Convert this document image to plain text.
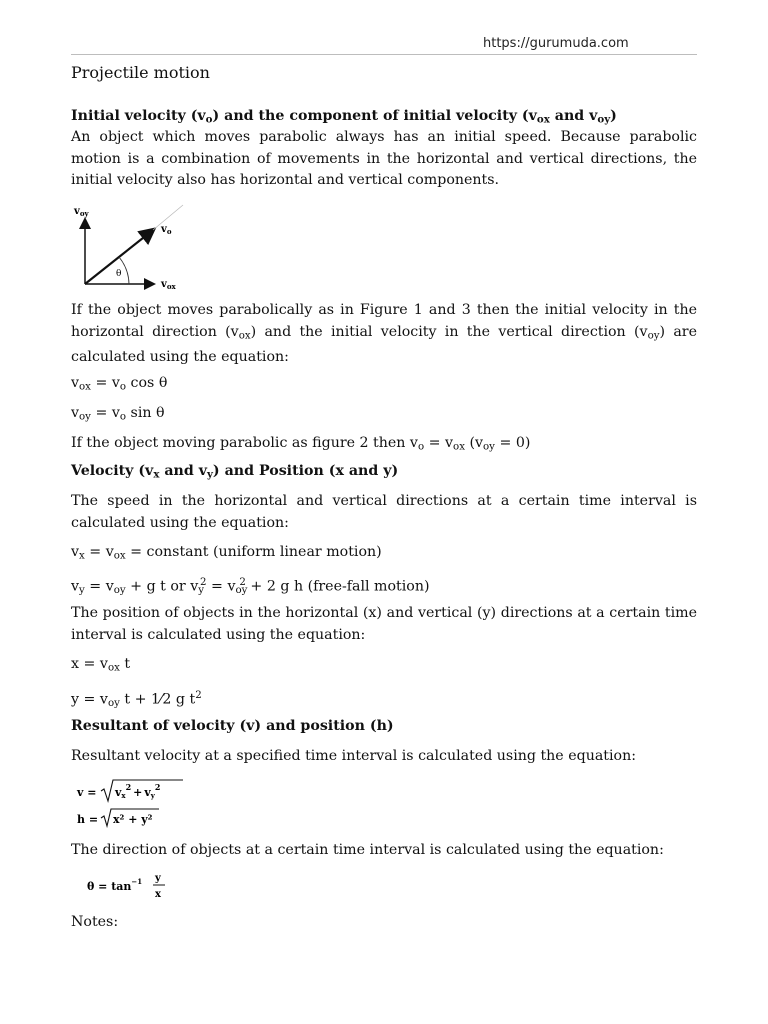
https://gurumuda.com
Projectile motion

Initial velocity $(v_o)$ and the component of initial velocity ($v_{ox}$ and $v_{oy}$)

An object which moves parabolic always has an initial speed. Because parabolic motion is a combination of movements in the horizontal and vertical directions, the initial velocity also has horizontal and vertical components.

$v_{oy}$
$v_o$
$v_{ox}$
θ

If the object moves parabolically as in Figure 1 and 3 then the initial velocity in the horizontal direction $(v_{ox})$ and the initial velocity in the vertical direction $(v_{oy})$ are calculated using the equation:

$v_{ox} = v_o$ cos θ
$v_{oy} = v_o$ sin θ
If the object moving parabolic as figure 2 then $v_o = v_{ox}$ $(v_{oy} = 0)$

Velocity ($v_x$ and $v_y$) and Position (x and y)

The speed in the horizontal and vertical directions at a certain time interval is calculated using the equation:

$v_x = v_{ox}$ = constant (uniform linear motion)
$v_y = v_{oy} + g$ t or $v_y^2 = v_{oy}^2 + 2$ g h (free-fall motion)

The position of objects in the horizontal (x) and vertical (y) directions at a certain time interval is calculated using the equation:

$x = v_{ox}$ t
$y = v_{oy}$ t + 1⁄2 g $t^2$

Resultant of velocity (v) and position (h)

Resultant velocity at a specified time interval is calculated using the equation:

$v = vx^2 + vy^2$
h = x² + y²

The direction of objects at a certain time interval is calculated using the equation:

$\theta = \tan^{-1} y$
x
Notes:
